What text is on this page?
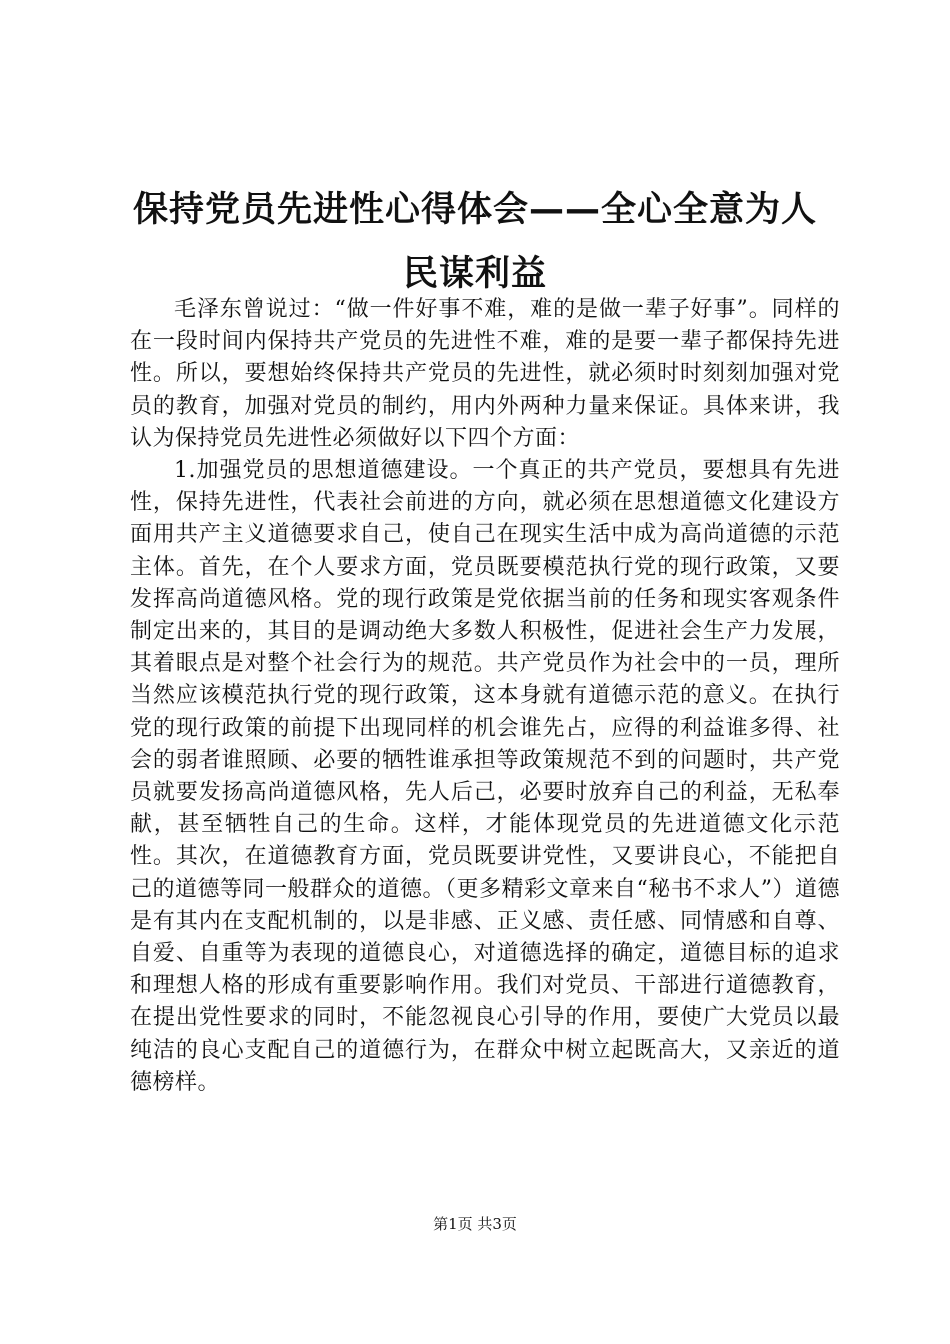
保持党员先进性心得体会——全心全意为人民谋利益

毛泽东曾说过：“做一件好事不难，难的是做一辈子好事”。同样的在一段时间内保持共产党员的先进性不难，难的是要一辈子都保持先进性。所以，要想始终保持共产党员的先进性，就必须时时刻刻加强对党员的教育，加强对党员的制约，用内外两种力量来保证。具体来讲，我认为保持党员先进性必须做好以下四个方面：

1.加强党员的思想道德建设。一个真正的共产党员，要想具有先进性，保持先进性，代表社会前进的方向，就必须在思想道德文化建设方面用共产主义道德要求自己，使自己在现实生活中成为高尚道德的示范主体。首先，在个人要求方面，党员既要模范执行党的现行政策，又要发挥高尚道德风格。党的现行政策是党依据当前的任务和现实客观条件制定出来的，其目的是调动绝大多数人积极性，促进社会生产力发展，其着眼点是对整个社会行为的规范。共产党员作为社会中的一员，理所当然应该模范执行党的现行政策，这本身就有道德示范的意义。在执行党的现行政策的前提下出现同样的机会谁先占，应得的利益谁多得、社会的弱者谁照顾、必要的牺牲谁承担等政策规范不到的问题时，共产党员就要发扬高尚道德风格，先人后己，必要时放弃自己的利益，无私奉献，甚至牺牲自己的生命。这样，才能体现党员的先进道德文化示范性。其次，在道德教育方面，党员既要讲党性，又要讲良心，不能把自己的道德等同一般群众的道德。（更多精彩文章来自“秘书不求人”）道德是有其内在支配机制的，以是非感、正义感、责任感、同情感和自尊、自爱、自重等为表现的道德良心，对道德选择的确定，道德目标的追求和理想人格的形成有重要影响作用。我们对党员、干部进行道德教育，在提出党性要求的同时，不能忽视良心引导的作用，要使广大党员以最纯洁的良心支配自己的道德行为，在群众中树立起既高大，又亲近的道德榜样。

第1页 共3页
